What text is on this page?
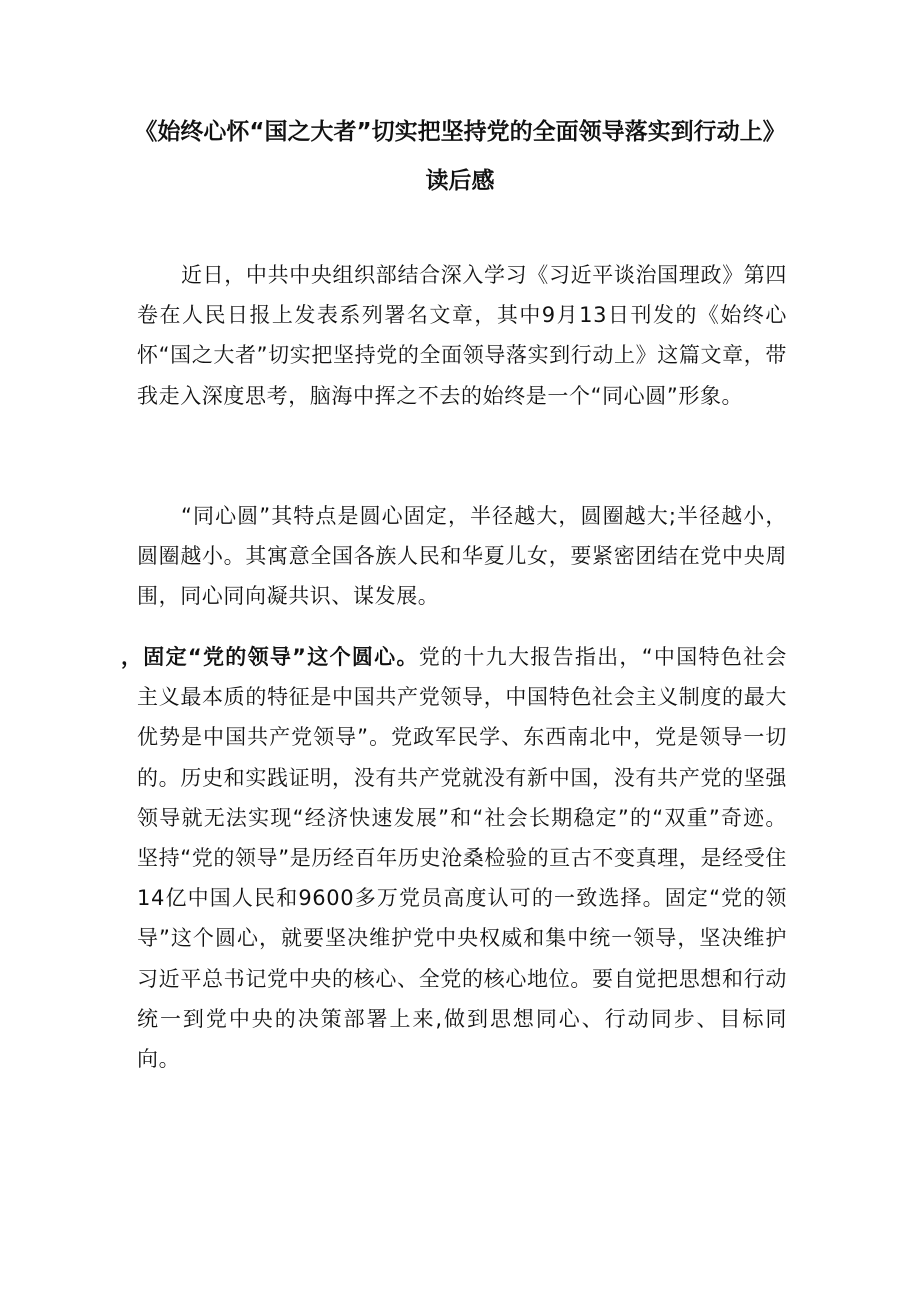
《始终心怀“国之大者”切实把坚持党的全面领导落实到行动上》
读后感

近日，中共中央组织部结合深入学习《习近平谈治国理政》第四卷在人民日报上发表系列署名文章，其中9月13日刊发的《始终心怀“国之大者”切实把坚持党的全面领导落实到行动上》这篇文章，带我走入深度思考，脑海中挥之不去的始终是一个“同心圆”形象。

“同心圆”其特点是圆心固定，半径越大，圆圈越大;半径越小，圆圈越小。其寓意全国各族人民和华夏儿女，要紧密团结在党中央周围，同心同向凝共识、谋发展。

，固定“党的领导”这个圆心。党的十九大报告指出，“中国特色社会主义最本质的特征是中国共产党领导，中国特色社会主义制度的最大优势是中国共产党领导”。党政军民学、东西南北中，党是领导一切的。历史和实践证明，没有共产党就没有新中国，没有共产党的坚强领导就无法实现“经济快速发展”和“社会长期稳定”的“双重”奇迹。坚持“党的领导”是历经百年历史沧桑检验的亘古不变真理，是经受住14亿中国人民和9600多万党员高度认可的一致选择。固定“党的领导”这个圆心，就要坚决维护党中央权威和集中统一领导，坚决维护习近平总书记党中央的核心、全党的核心地位。要自觉把思想和行动统一到党中央的决策部署上来,做到思想同心、行动同步、目标同向。
